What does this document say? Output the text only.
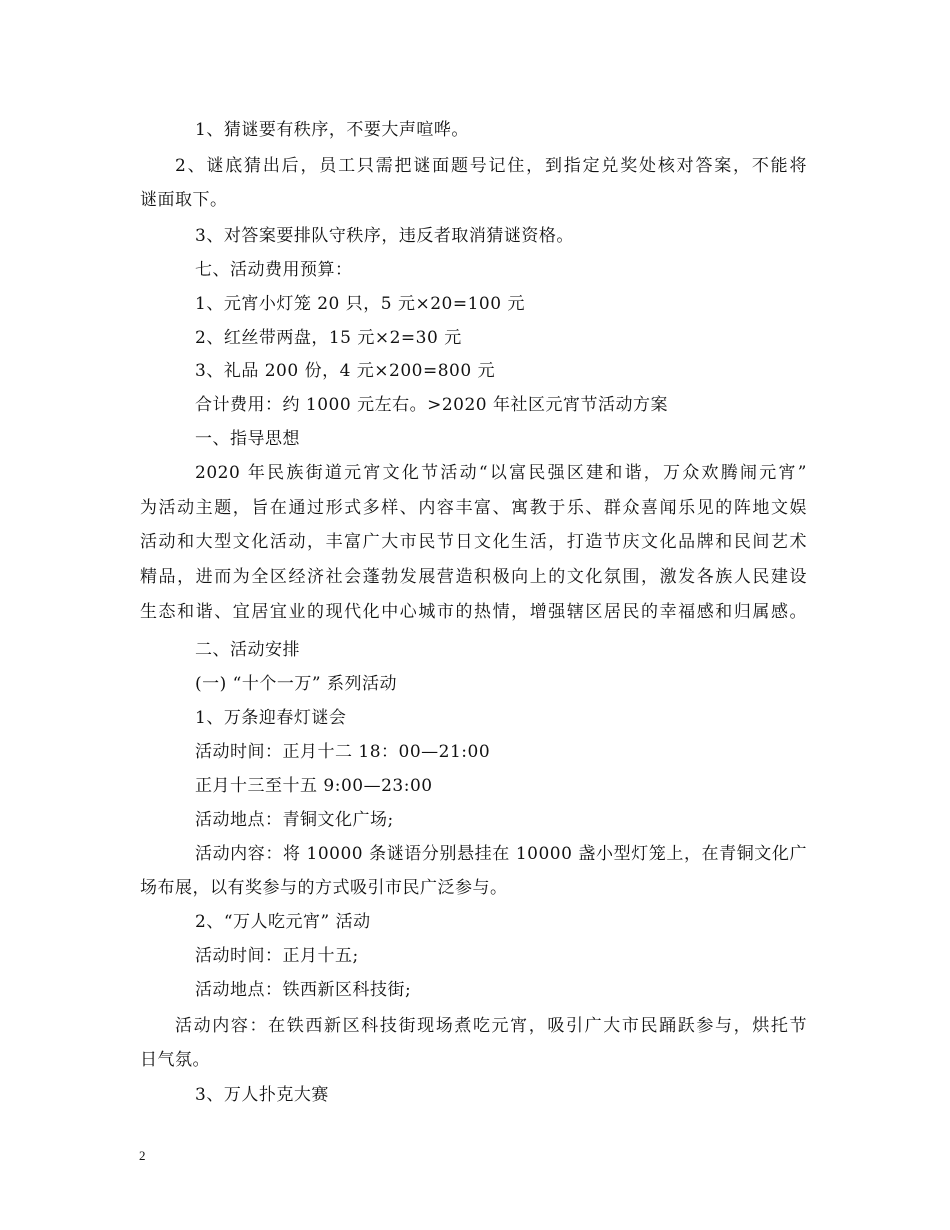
1、猜谜要有秩序，不要大声喧哗。
2、谜底猜出后，员工只需把谜面题号记住，到指定兑奖处核对答案，不能将
谜面取下。
3、对答案要排队守秩序，违反者取消猜谜资格。
七、活动费用预算：
1、元宵小灯笼 20 只，5 元×20=100 元
2、红丝带两盘，15 元×2=30 元
3、礼品 200 份，4 元×200=800 元
合计费用：约 1000 元左右。>2020 年社区元宵节活动方案
一、指导思想
2020 年民族街道元宵文化节活动“以富民强区建和谐，万众欢腾闹元宵”
为活动主题，旨在通过形式多样、内容丰富、寓教于乐、群众喜闻乐见的阵地文娱
活动和大型文化活动，丰富广大市民节日文化生活，打造节庆文化品牌和民间艺术
精品，进而为全区经济社会蓬勃发展营造积极向上的文化氛围，激发各族人民建设
生态和谐、宜居宜业的现代化中心城市的热情，增强辖区居民的幸福感和归属感。
二、活动安排
(一) “十个一万” 系列活动
1、万条迎春灯谜会
活动时间：正月十二 18：00—21:00
正月十三至十五 9:00—23:00
活动地点：青铜文化广场;
活动内容：将 10000 条谜语分别悬挂在 10000 盏小型灯笼上，在青铜文化广
场布展，以有奖参与的方式吸引市民广泛参与。
2、“万人吃元宵” 活动
活动时间：正月十五;
活动地点：铁西新区科技街;
活动内容：在铁西新区科技街现场煮吃元宵，吸引广大市民踊跃参与，烘托节
日气氛。
3、万人扑克大赛
2
